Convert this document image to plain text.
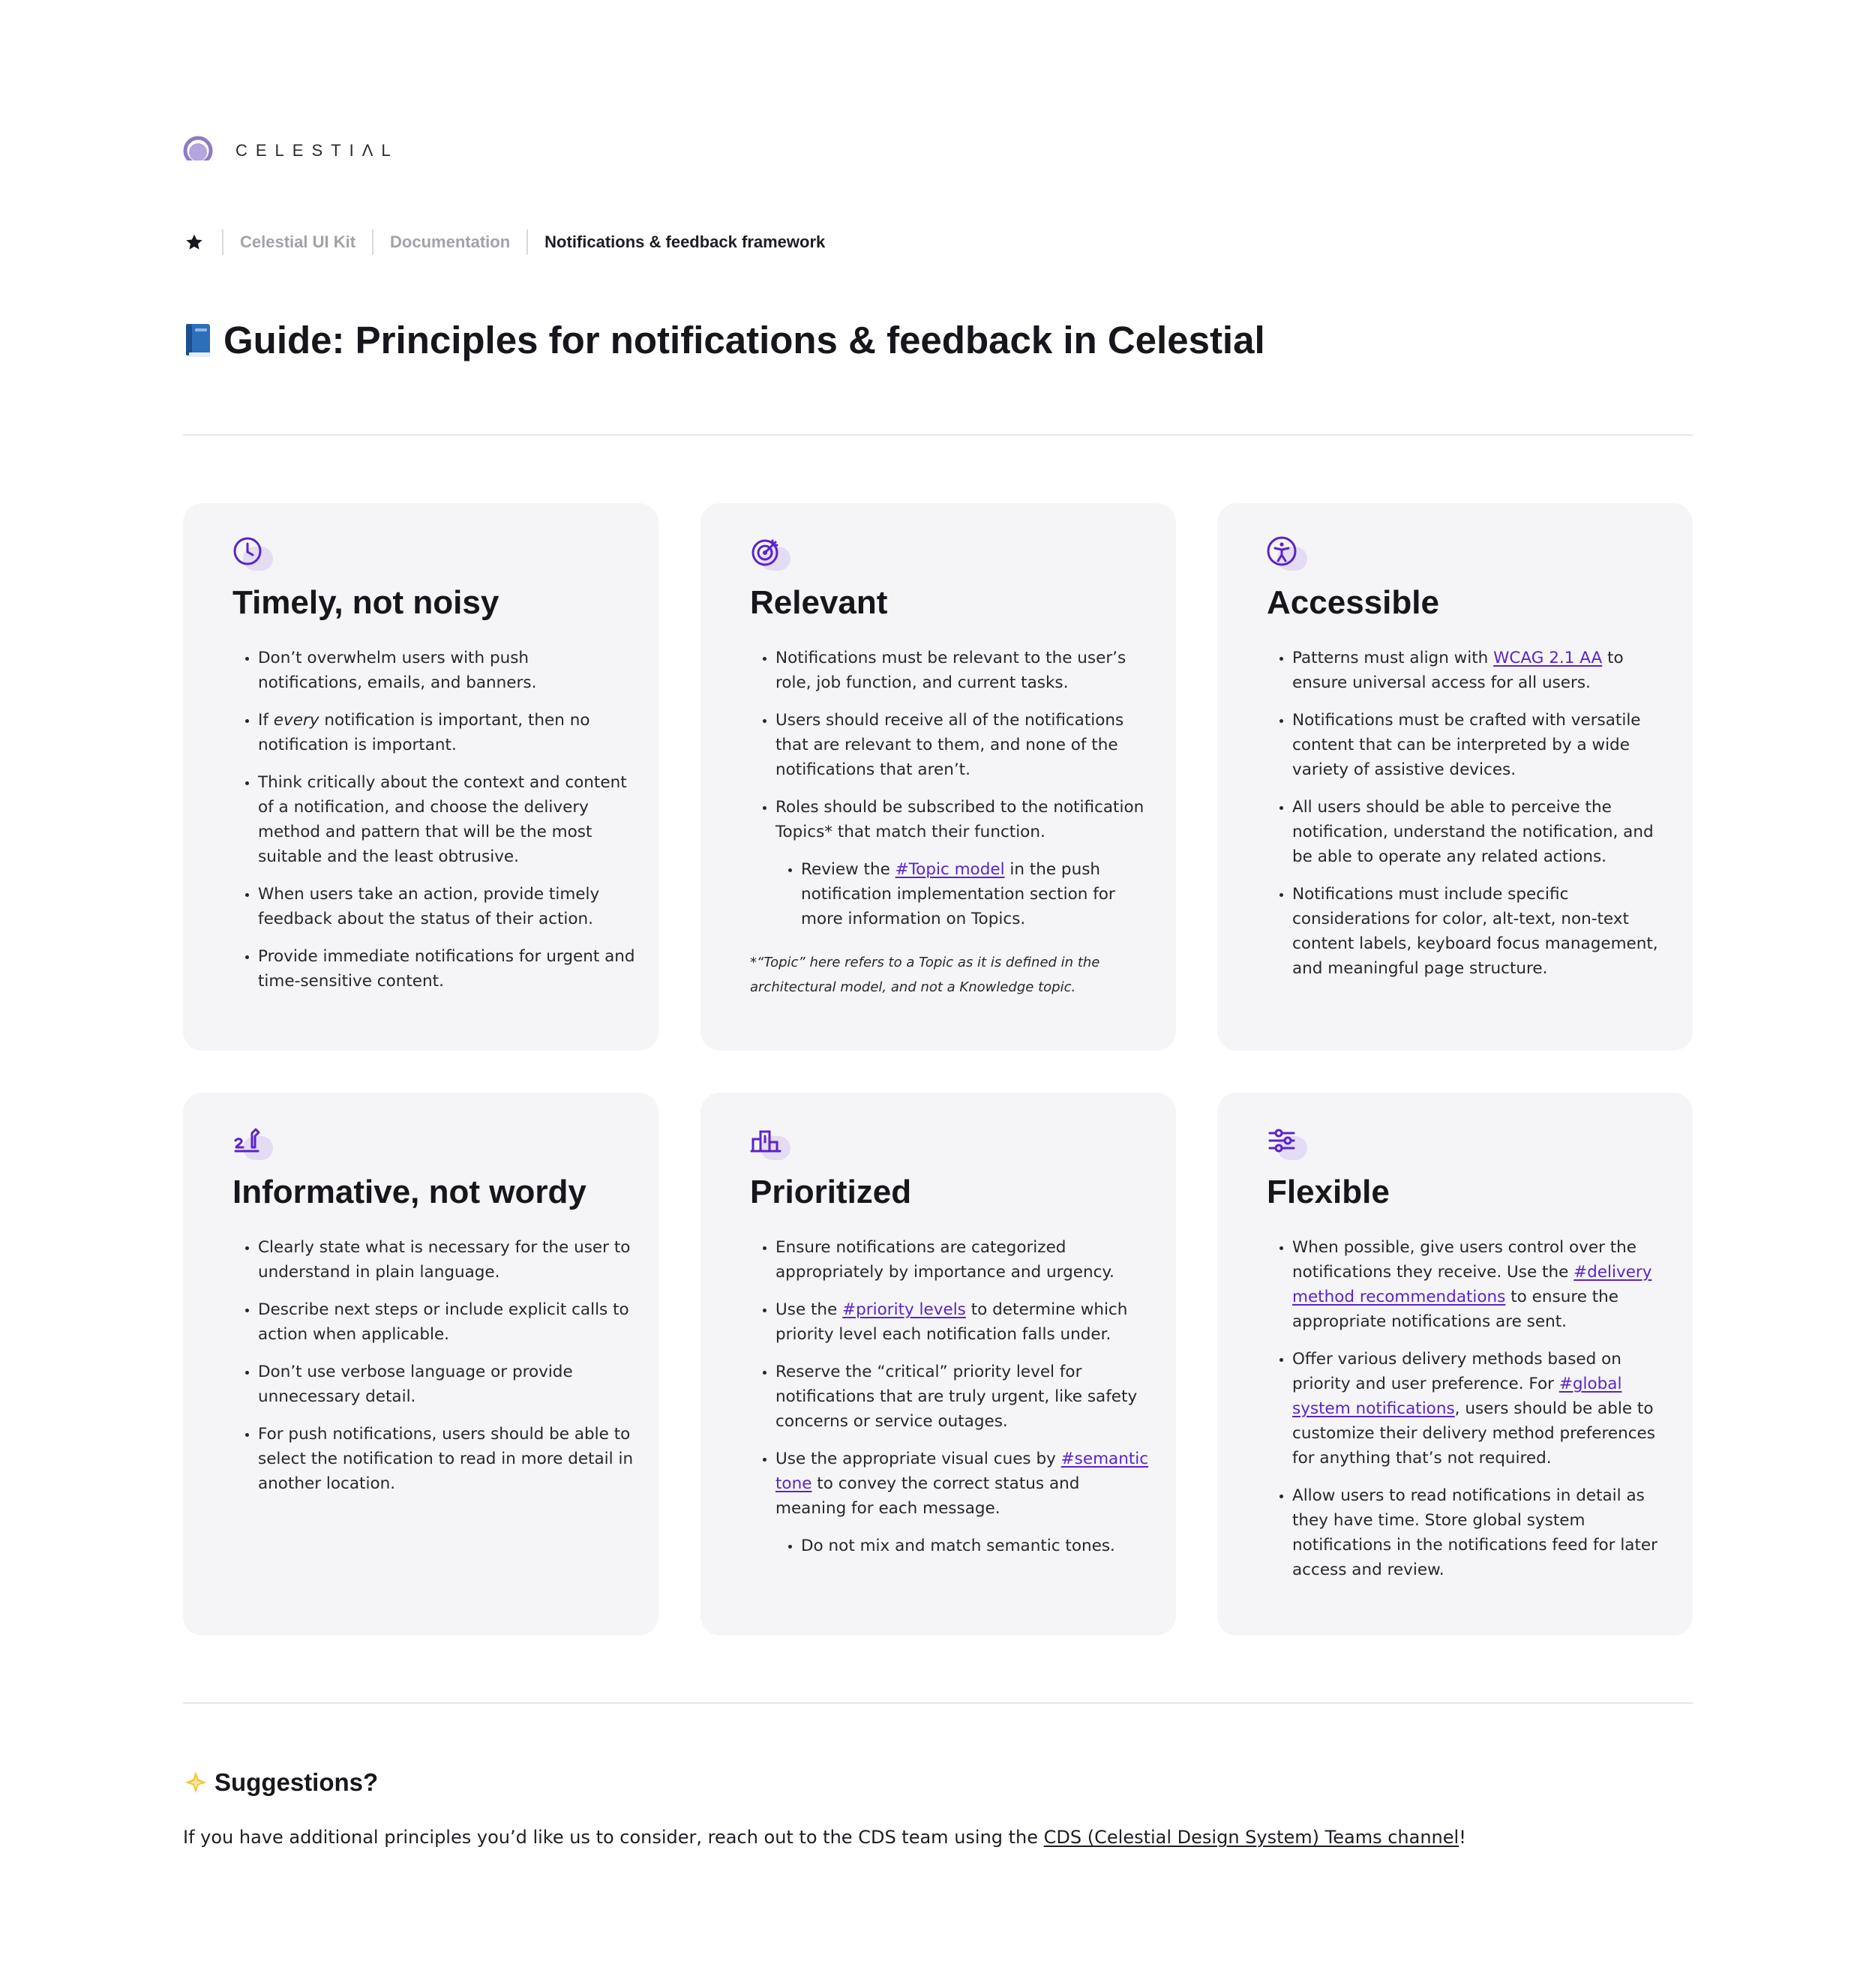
CELESTIΛL
Celestial UI Kit Documentation Notifications & feedback framework
Guide: Principles for notifications & feedback in Celestial
Timely, not noisy
• Don’t overwhelm users with push notifications, emails, and banners.
• If every notification is important, then no notification is important.
• Think critically about the context and content of a notification, and choose the delivery method and pattern that will be the most suitable and the least obtrusive.
• When users take an action, provide timely feedback about the status of their action.
• Provide immediate notifications for urgent and time-sensitive content.
Relevant
• Notifications must be relevant to the user’s role, job function, and current tasks.
• Users should receive all of the notifications that are relevant to them, and none of the notifications that aren’t.
• Roles should be subscribed to the notification Topics* that match their function.
• Review the #Topic model in the push notification implementation section for more information on Topics.

*“Topic” here refers to a Topic as it is defined in the architectural model, and not a Knowledge topic.

Accessible
• Patterns must align with WCAG 2.1 AA to ensure universal access for all users.
• Notifications must be crafted with versatile content that can be interpreted by a wide variety of assistive devices.
• All users should be able to perceive the notification, understand the notification, and be able to operate any related actions.
• Notifications must include specific considerations for color, alt-text, non-text content labels, keyboard focus management, and meaningful page structure.
Informative, not wordy
• Clearly state what is necessary for the user to understand in plain language.
• Describe next steps or include explicit calls to action when applicable.
• Don’t use verbose language or provide unnecessary detail.
• For push notifications, users should be able to select the notification to read in more detail in another location.
Prioritized
• Ensure notifications are categorized appropriately by importance and urgency.
• Use the #priority levels to determine which priority level each notification falls under.
• Reserve the “critical” priority level for notifications that are truly urgent, like safety concerns or service outages.
• Use the appropriate visual cues by #semantic tone to convey the correct status and meaning for each message.
• Do not mix and match semantic tones.
Flexible
• When possible, give users control over the notifications they receive. Use the #delivery method recommendations to ensure the appropriate notifications are sent.
• Offer various delivery methods based on priority and user preference. For #global system notifications, users should be able to customize their delivery method preferences for anything that’s not required.
• Allow users to read notifications in detail as they have time. Store global system notifications in the notifications feed for later access and review.
Suggestions?

If you have additional principles you’d like us to consider, reach out to the CDS team using the CDS (Celestial Design System) Teams channel!
